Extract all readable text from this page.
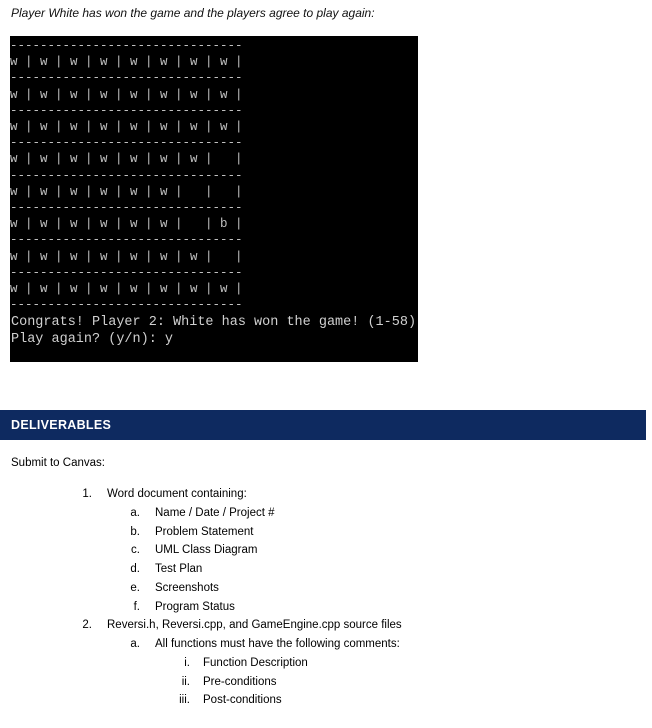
Player White has won the game and the players agree to play again:
-------------------------------
w | w | w | w | w | w | w | w |
-------------------------------
w | w | w | w | w | w | w | w |
-------------------------------
w | w | w | w | w | w | w | w |
-------------------------------
w | w | w | w | w | w | w |   |
-------------------------------
w | w | w | w | w | w |   |   |
-------------------------------
w | w | w | w | w | w |   | b |
-------------------------------
w | w | w | w | w | w | w |   |
-------------------------------
w | w | w | w | w | w | w | w |
-------------------------------
Congrats! Player 2: White has won the game! (1-58)
Play again? (y/n): y
DELIVERABLES
Submit to Canvas:
1. Word document containing:
a. Name / Date / Project #
b. Problem Statement
c. UML Class Diagram
d. Test Plan
e. Screenshots
f. Program Status
2. Reversi.h, Reversi.cpp, and GameEngine.cpp source files
a. All functions must have the following comments:
i. Function Description
ii. Pre-conditions
iii. Post-conditions
